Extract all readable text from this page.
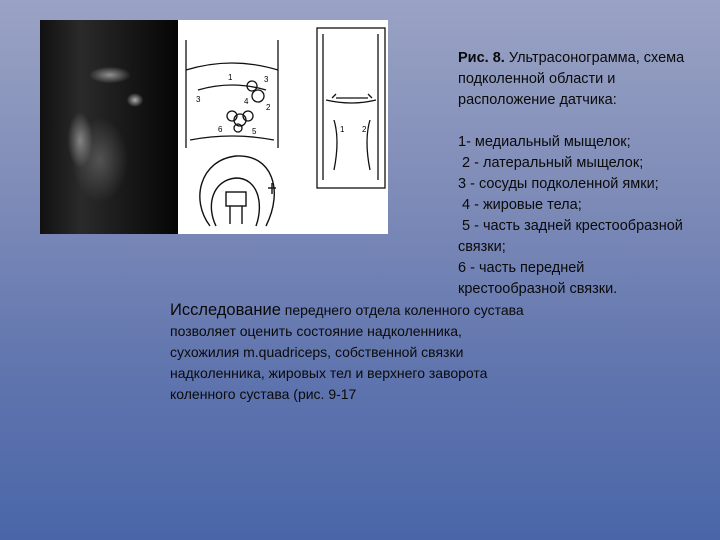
1	3
3	4
6	5
2
1 2
Рис. 8. Ультрасонограмма, схема
подколенной области и
расположение датчика:

1- медиальный мыщелок;
2 - латеральный мыщелок;
3 - сосуды подколенной ямки;
4 - жировые тела;
5 - часть задней крестообразной
связки;
6 - часть передней
крестообразной связки.
Исследование переднего отдела коленного сустава позволяет оценить состояние надколенника, сухожилия m.quadriceps, собственной связки надколенника, жировых тел и верхнего заворота коленного сустава (рис. 9-17
